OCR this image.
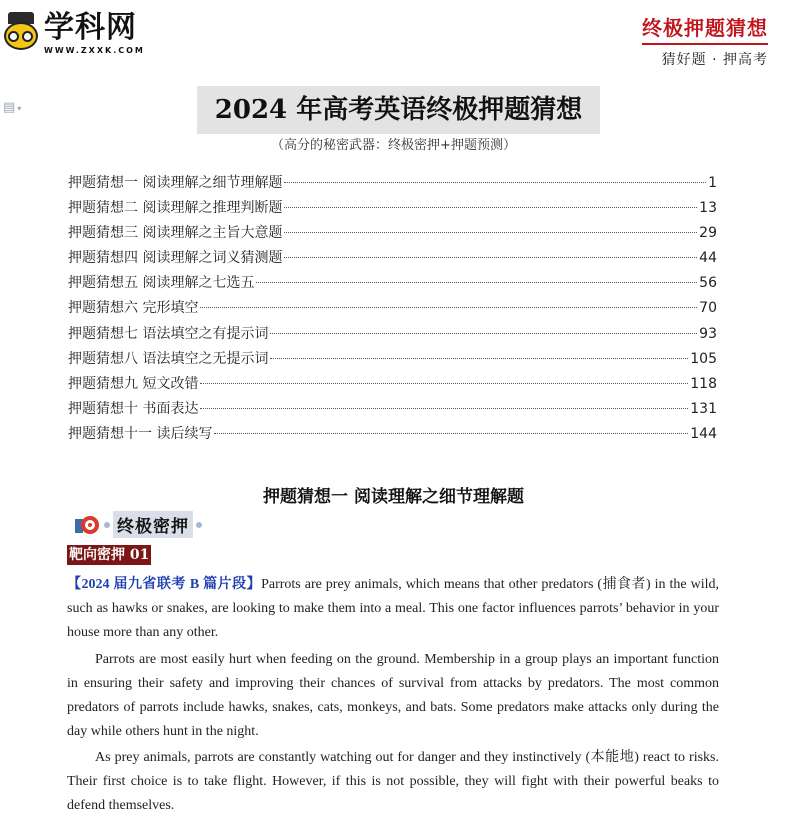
学科网
WWW.ZXXK.COM
终极押题猜想
猜好题 · 押高考
▤ ▾	2024 年高考英语终极押题猜想
（高分的秘密武器：终极密押+押题预测）
押题猜想一 阅读理解之细节理解题	1
押题猜想二 阅读理解之推理判断题	13
押题猜想三 阅读理解之主旨大意题	29
押题猜想四 阅读理解之词义猜测题	44
押题猜想五 阅读理解之七选五	56
押题猜想六 完形填空	70
押题猜想七 语法填空之有提示词	93
押题猜想八 语法填空之无提示词	105
押题猜想九 短文改错	118
押题猜想十 书面表达	131
押题猜想十一 读后续写	144
押题猜想一 阅读理解之细节理解题
终极密押
靶向密押 01
【2024 届九省联考 B 篇片段】Parrots are prey animals, which means that other predators (捕食者) in the wild, such as hawks or snakes, are looking to make them into a meal. This one factor influences parrots’ behavior in your house more than any other.
Parrots are most easily hurt when feeding on the ground. Membership in a group plays an important function in ensuring their safety and improving their chances of survival from attacks by predators. The most common predators of parrots include hawks, snakes, cats, monkeys, and bats. Some predators make attacks only during the day while others hunt in the night.
As prey animals, parrots are constantly watching out for danger and they instinctively (本能地) react to risks. Their first choice is to take flight. However, if this is not possible, they will fight with their powerful beaks to defend themselves.
